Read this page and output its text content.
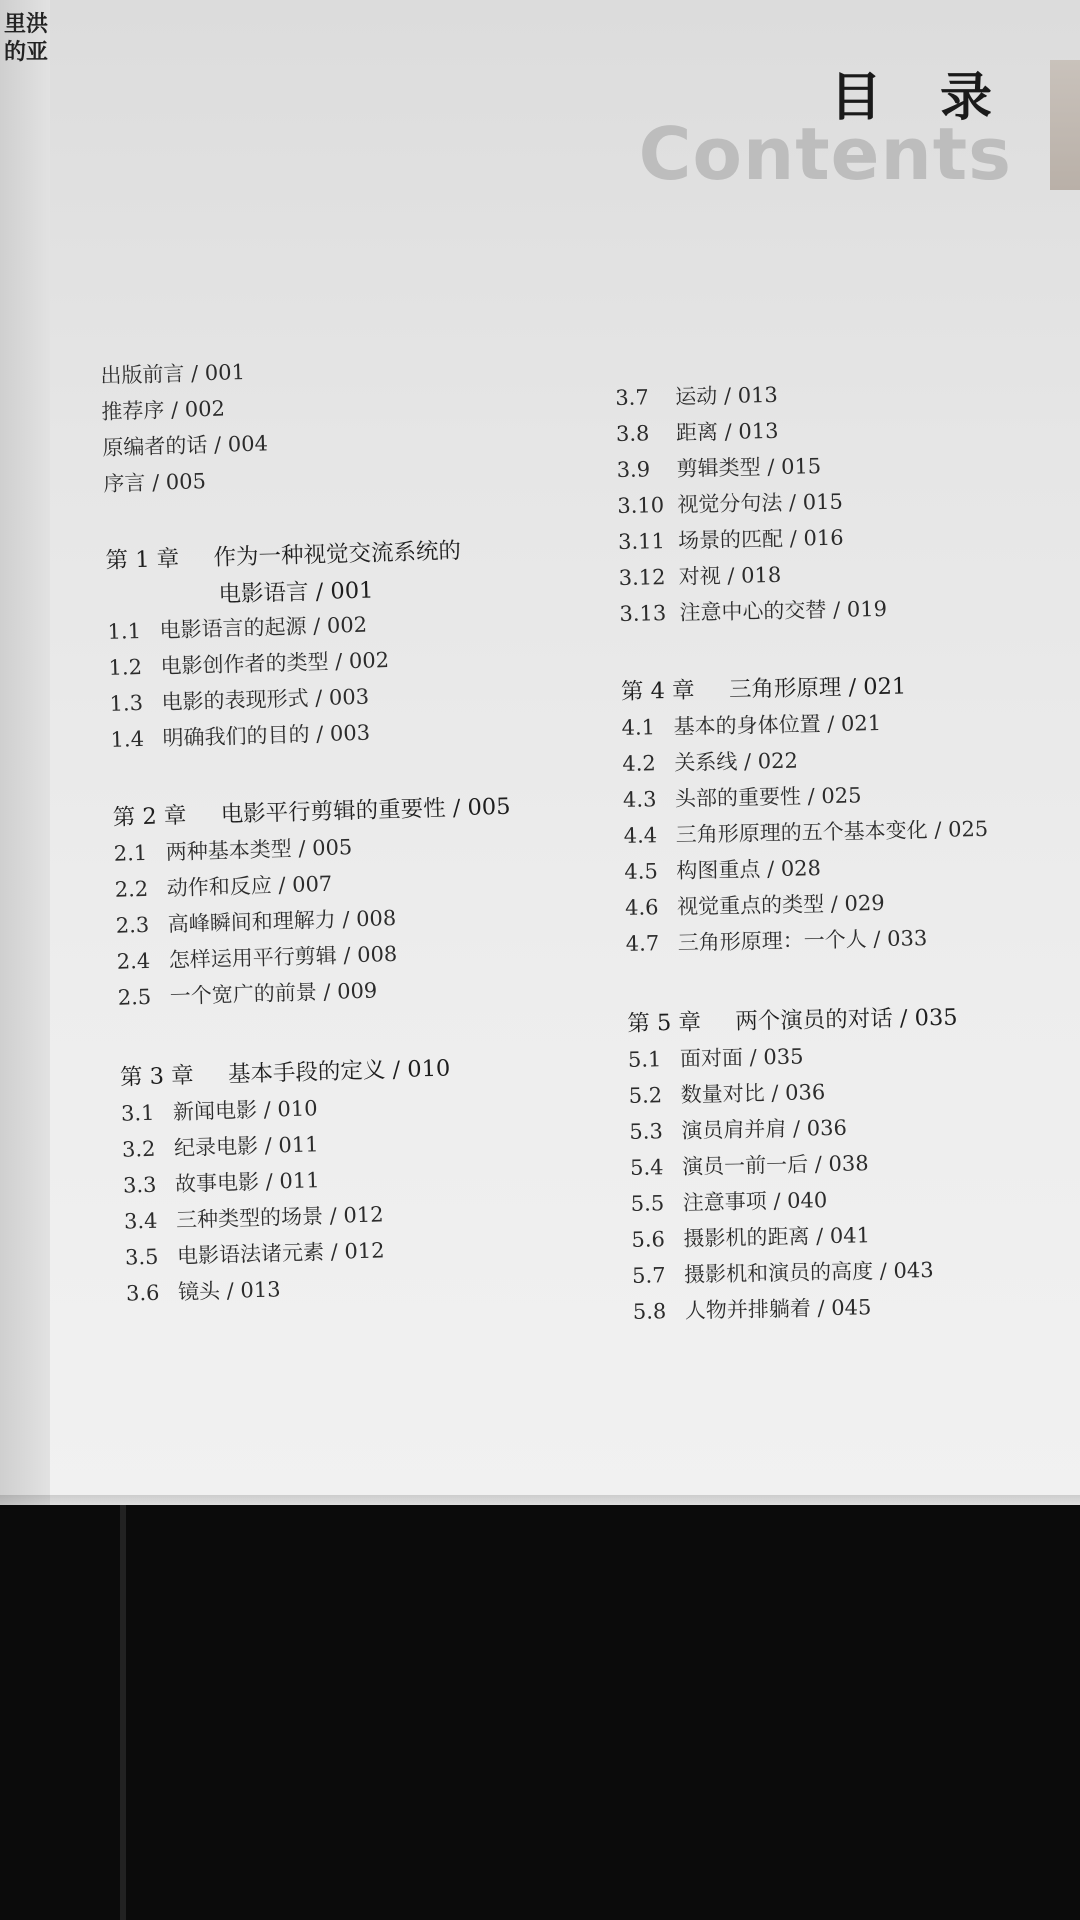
里洪
的亚
目 录
Contents
出版前言 / 001
推荐序 / 002
原编者的话 / 004
序言 / 005
第 1 章 作为一种视觉交流系统的
电影语言 / 001
1.1 电影语言的起源 / 002
1.2 电影创作者的类型 / 002
1.3 电影的表现形式 / 003
1.4 明确我们的目的 / 003
第 2 章 电影平行剪辑的重要性 / 005
2.1 两种基本类型 / 005
2.2 动作和反应 / 007
2.3 高峰瞬间和理解力 / 008
2.4 怎样运用平行剪辑 / 008
2.5 一个宽广的前景 / 009
第 3 章 基本手段的定义 / 010
3.1 新闻电影 / 010
3.2 纪录电影 / 011
3.3 故事电影 / 011
3.4 三种类型的场景 / 012
3.5 电影语法诸元素 / 012
3.6 镜头 / 013
3.7 运动 / 013
3.8 距离 / 013
3.9 剪辑类型 / 015
3.10 视觉分句法 / 015
3.11 场景的匹配 / 016
3.12 对视 / 018
3.13 注意中心的交替 / 019
第 4 章 三角形原理 / 021
4.1 基本的身体位置 / 021
4.2 关系线 / 022
4.3 头部的重要性 / 025
4.4 三角形原理的五个基本变化 / 025
4.5 构图重点 / 028
4.6 视觉重点的类型 / 029
4.7 三角形原理：一个人 / 033
第 5 章 两个演员的对话 / 035
5.1 面对面 / 035
5.2 数量对比 / 036
5.3 演员肩并肩 / 036
5.4 演员一前一后 / 038
5.5 注意事项 / 040
5.6 摄影机的距离 / 041
5.7 摄影机和演员的高度 / 043
5.8 人物并排躺着 / 045
